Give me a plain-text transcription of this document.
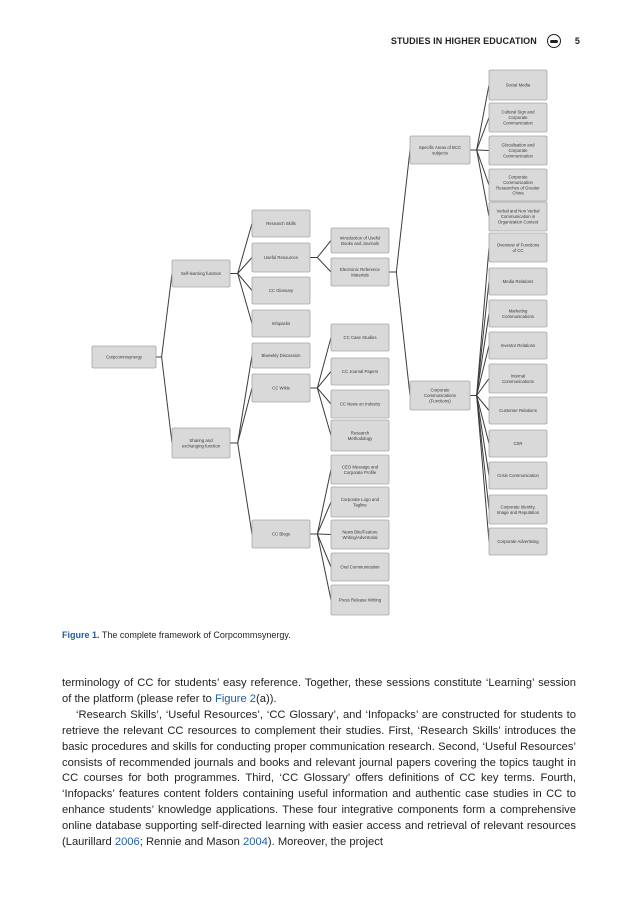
STUDIES IN HIGHER EDUCATION	5
Corpcommsynergy
Self-learning function
Sharing and
exchanging function
Research Skills
Useful Resources
CC Glossary
Infopacks
Introduction of Useful
Books and Journals
Electronic Reference
Materials
Specific Areas of BCC
subjects
Corporate
Communications
(Functions)
Social Media
Cultural Sign and
Corporate
Communication
Glocalisation and
Corporate
Communication
Corporate
Communication
Researches of Greater
China
Verbal and Non Verbal
Communication in
Organization Context
Overview of Functions
of CC
Media Relations
Marketing
Communications
Investor Relations
Internal
Communications
Customer Relations
CSR
Crisis Communication
Corporate Identity,
Image and Reputation
Corporate Advertising
Biweekly Discussion
CC Wikis
CC Blogs
CC Case Studies
CC Journal Papers
CC News on Industry
Research
Methodology
CEO Message and
Corporate Profile
Corporate Logo and
Tagline
News Bite/Feature
Writing/Advertorial
Oral Communication
Press Release Writing
Figure 1. The complete framework of Corpcommsynergy.

terminology of CC for students’ easy reference. Together, these sessions constitute ‘Learning’ session of the platform (please refer to Figure 2(a)).

‘Research Skills’, ‘Useful Resources’, ‘CC Glossary’, and ‘Infopacks’ are constructed for students to retrieve the relevant CC resources to complement their studies. First, ‘Research Skills’ introduces the basic procedures and skills for conducting proper communication research. Second, ‘Useful Resources’ consists of recommended journals and books and relevant journal papers covering the topics taught in CC courses for both programmes. Third, ‘CC Glossary’ offers definitions of CC key terms. Fourth, ‘Infopacks’ features content folders containing useful information and authentic case studies in CC to enhance students’ knowledge applications. These four integrative components form a comprehensive online database supporting self-directed learning with easier access and retrieval of relevant resources (Laurillard 2006; Rennie and Mason 2004). Moreover, the project
